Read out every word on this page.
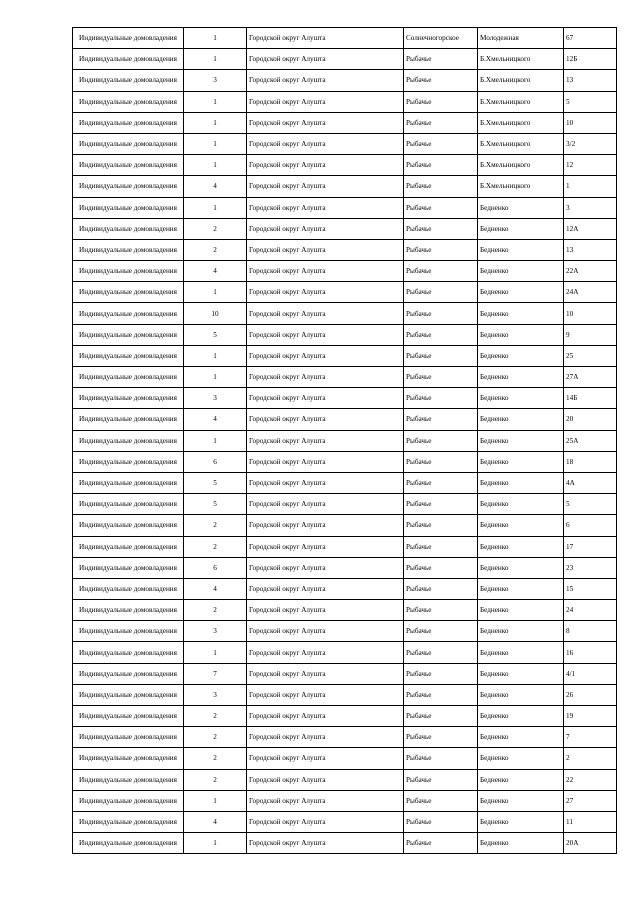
Индивидуальные домовладения	1	Городской округ Алушта	Солнечногорское	Молодежная	67
Индивидуальные домовладения	1	Городской округ Алушта	Рыбачье	Б.Хмельницкого	12Б
Индивидуальные домовладения	3	Городской округ Алушта	Рыбачье	Б.Хмельницкого	13
Индивидуальные домовладения	1	Городской округ Алушта	Рыбачье	Б.Хмельницкого	5
Индивидуальные домовладения	1	Городской округ Алушта	Рыбачье	Б.Хмельницкого	10
Индивидуальные домовладения	1	Городской округ Алушта	Рыбачье	Б.Хмельницкого	3/2
Индивидуальные домовладения	1	Городской округ Алушта	Рыбачье	Б.Хмельницкого	12
Индивидуальные домовладения	4	Городской округ Алушта	Рыбачье	Б.Хмельницкого	1
Индивидуальные домовладения	1	Городской округ Алушта	Рыбачье	Бедненко	3
Индивидуальные домовладения	2	Городской округ Алушта	Рыбачье	Бедненко	12А
Индивидуальные домовладения	2	Городской округ Алушта	Рыбачье	Бедненко	13
Индивидуальные домовладения	4	Городской округ Алушта	Рыбачье	Бедненко	22А
Индивидуальные домовладения	1	Городской округ Алушта	Рыбачье	Бедненко	24А
Индивидуальные домовладения	10	Городской округ Алушта	Рыбачье	Бедненко	10
Индивидуальные домовладения	5	Городской округ Алушта	Рыбачье	Бедненко	9
Индивидуальные домовладения	1	Городской округ Алушта	Рыбачье	Бедненко	25
Индивидуальные домовладения	1	Городской округ Алушта	Рыбачье	Бедненко	27А
Индивидуальные домовладения	3	Городской округ Алушта	Рыбачье	Бедненко	14Б
Индивидуальные домовладения	4	Городской округ Алушта	Рыбачье	Бедненко	20
Индивидуальные домовладения	1	Городской округ Алушта	Рыбачье	Бедненко	25А
Индивидуальные домовладения	6	Городской округ Алушта	Рыбачье	Бедненко	18
Индивидуальные домовладения	5	Городской округ Алушта	Рыбачье	Бедненко	4А
Индивидуальные домовладения	5	Городской округ Алушта	Рыбачье	Бедненко	5
Индивидуальные домовладения	2	Городской округ Алушта	Рыбачье	Бедненко	6
Индивидуальные домовладения	2	Городской округ Алушта	Рыбачье	Бедненко	17
Индивидуальные домовладения	6	Городской округ Алушта	Рыбачье	Бедненко	23
Индивидуальные домовладения	4	Городской округ Алушта	Рыбачье	Бедненко	15
Индивидуальные домовладения	2	Городской округ Алушта	Рыбачье	Бедненко	24
Индивидуальные домовладения	3	Городской округ Алушта	Рыбачье	Бедненко	8
Индивидуальные домовладения	1	Городской округ Алушта	Рыбачье	Бедненко	16
Индивидуальные домовладения	7	Городской округ Алушта	Рыбачье	Бедненко	4/1
Индивидуальные домовладения	3	Городской округ Алушта	Рыбачье	Бедненко	26
Индивидуальные домовладения	2	Городской округ Алушта	Рыбачье	Бедненко	19
Индивидуальные домовладения	2	Городской округ Алушта	Рыбачье	Бедненко	7
Индивидуальные домовладения	2	Городской округ Алушта	Рыбачье	Бедненко	2
Индивидуальные домовладения	2	Городской округ Алушта	Рыбачье	Бедненко	22
Индивидуальные домовладения	1	Городской округ Алушта	Рыбачье	Бедненко	27
Индивидуальные домовладения	4	Городской округ Алушта	Рыбачье	Бедненко	11
Индивидуальные домовладения	1	Городской округ Алушта	Рыбачье	Бедненко	20А
